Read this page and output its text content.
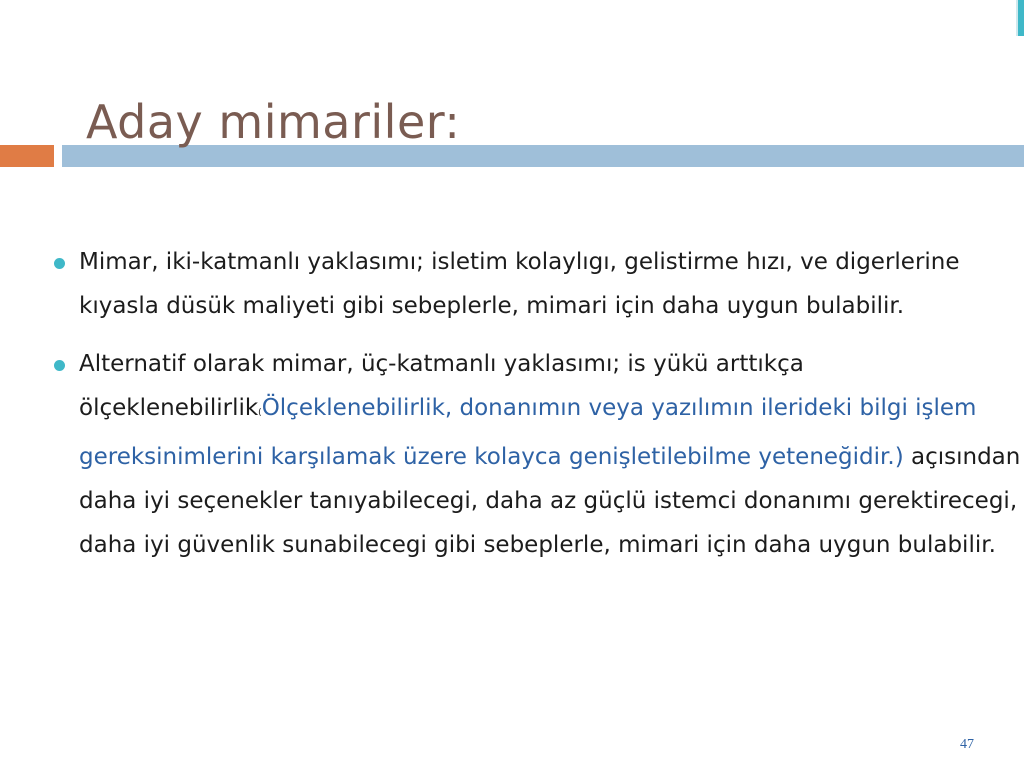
Aday mimariler:
Mimar, iki-katmanlı yaklasımı; isletim kolaylıgı, gelistirme hızı, ve digerlerine kıyasla düsük maliyeti gibi sebeplerle, mimari için daha uygun bulabilir.
Alternatif olarak mimar, üç-katmanlı yaklasımı; is yükü arttıkça ölçeklenebilirlik(Ölçeklenebilirlik, donanımın veya yazılımın ilerideki bilgi işlem gereksinimlerini karşılamak üzere kolayca genişletilebilme yeteneğidir.) açısından daha iyi seçenekler tanıyabilecegi, daha az güçlü istemci donanımı gerektirecegi, daha iyi güvenlik sunabilecegi gibi sebeplerle, mimari için daha uygun bulabilir.
47
